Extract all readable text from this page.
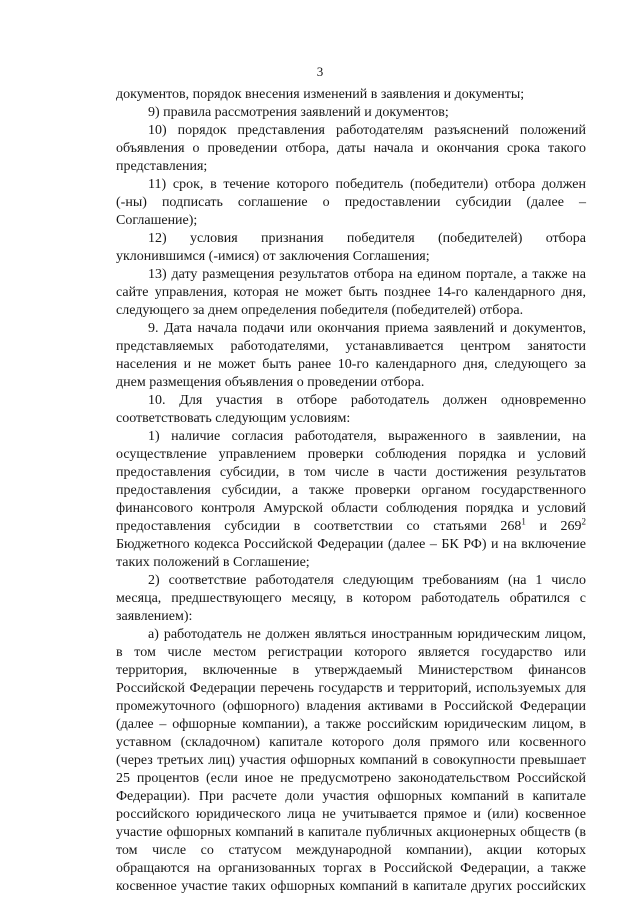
3
документов, порядок внесения изменений в заявления и документы;
9) правила рассмотрения заявлений и документов;
10) порядок представления работодателям разъяснений положений
объявления о проведении отбора, даты начала и окончания срока такого
представления;
11) срок, в течение которого победитель (победители) отбора должен
(-ны) подписать соглашение о предоставлении субсидии (далее –
Соглашение);
12) условия признания победителя (победителей) отбора
уклонившимся (-имися) от заключения Соглашения;
13) дату размещения результатов отбора на едином портале, а также на
сайте управления, которая не может быть позднее 14-го календарного дня,
следующего за днем определения победителя (победителей) отбора.
9. Дата начала подачи или окончания приема заявлений и документов,
представляемых работодателями, устанавливается центром занятости
населения и не может быть ранее 10-го календарного дня, следующего за
днем размещения объявления о проведении отбора.
10. Для участия в отборе работодатель должен одновременно
соответствовать следующим условиям:
1) наличие согласия работодателя, выраженного в заявлении, на
осуществление управлением проверки соблюдения порядка и условий
предоставления субсидии, в том числе в части достижения результатов
предоставления субсидии, а также проверки органом государственного
финансового контроля Амурской области соблюдения порядка и условий
предоставления субсидии в соответствии со статьями $268^1$ и $269^2$
Бюджетного кодекса Российской Федерации (далее – БК РФ) и на включение
таких положений в Соглашение;
2) соответствие работодателя следующим требованиям (на 1 число
месяца, предшествующего месяцу, в котором работодатель обратился с
заявлением):
а) работодатель не должен являться иностранным юридическим лицом,
в том числе местом регистрации которого является государство или
территория, включенные в утверждаемый Министерством финансов
Российской Федерации перечень государств и территорий, используемых для
промежуточного (офшорного) владения активами в Российской Федерации
(далее – офшорные компании), а также российским юридическим лицом, в
уставном (складочном) капитале которого доля прямого или косвенного
(через третьих лиц) участия офшорных компаний в совокупности превышает
25 процентов (если иное не предусмотрено законодательством Российской
Федерации). При расчете доли участия офшорных компаний в капитале
российского юридического лица не учитывается прямое и (или) косвенное
участие офшорных компаний в капитале публичных акционерных обществ (в
том числе со статусом международной компании), акции которых
обращаются на организованных торгах в Российской Федерации, а также
косвенное участие таких офшорных компаний в капитале других российских
